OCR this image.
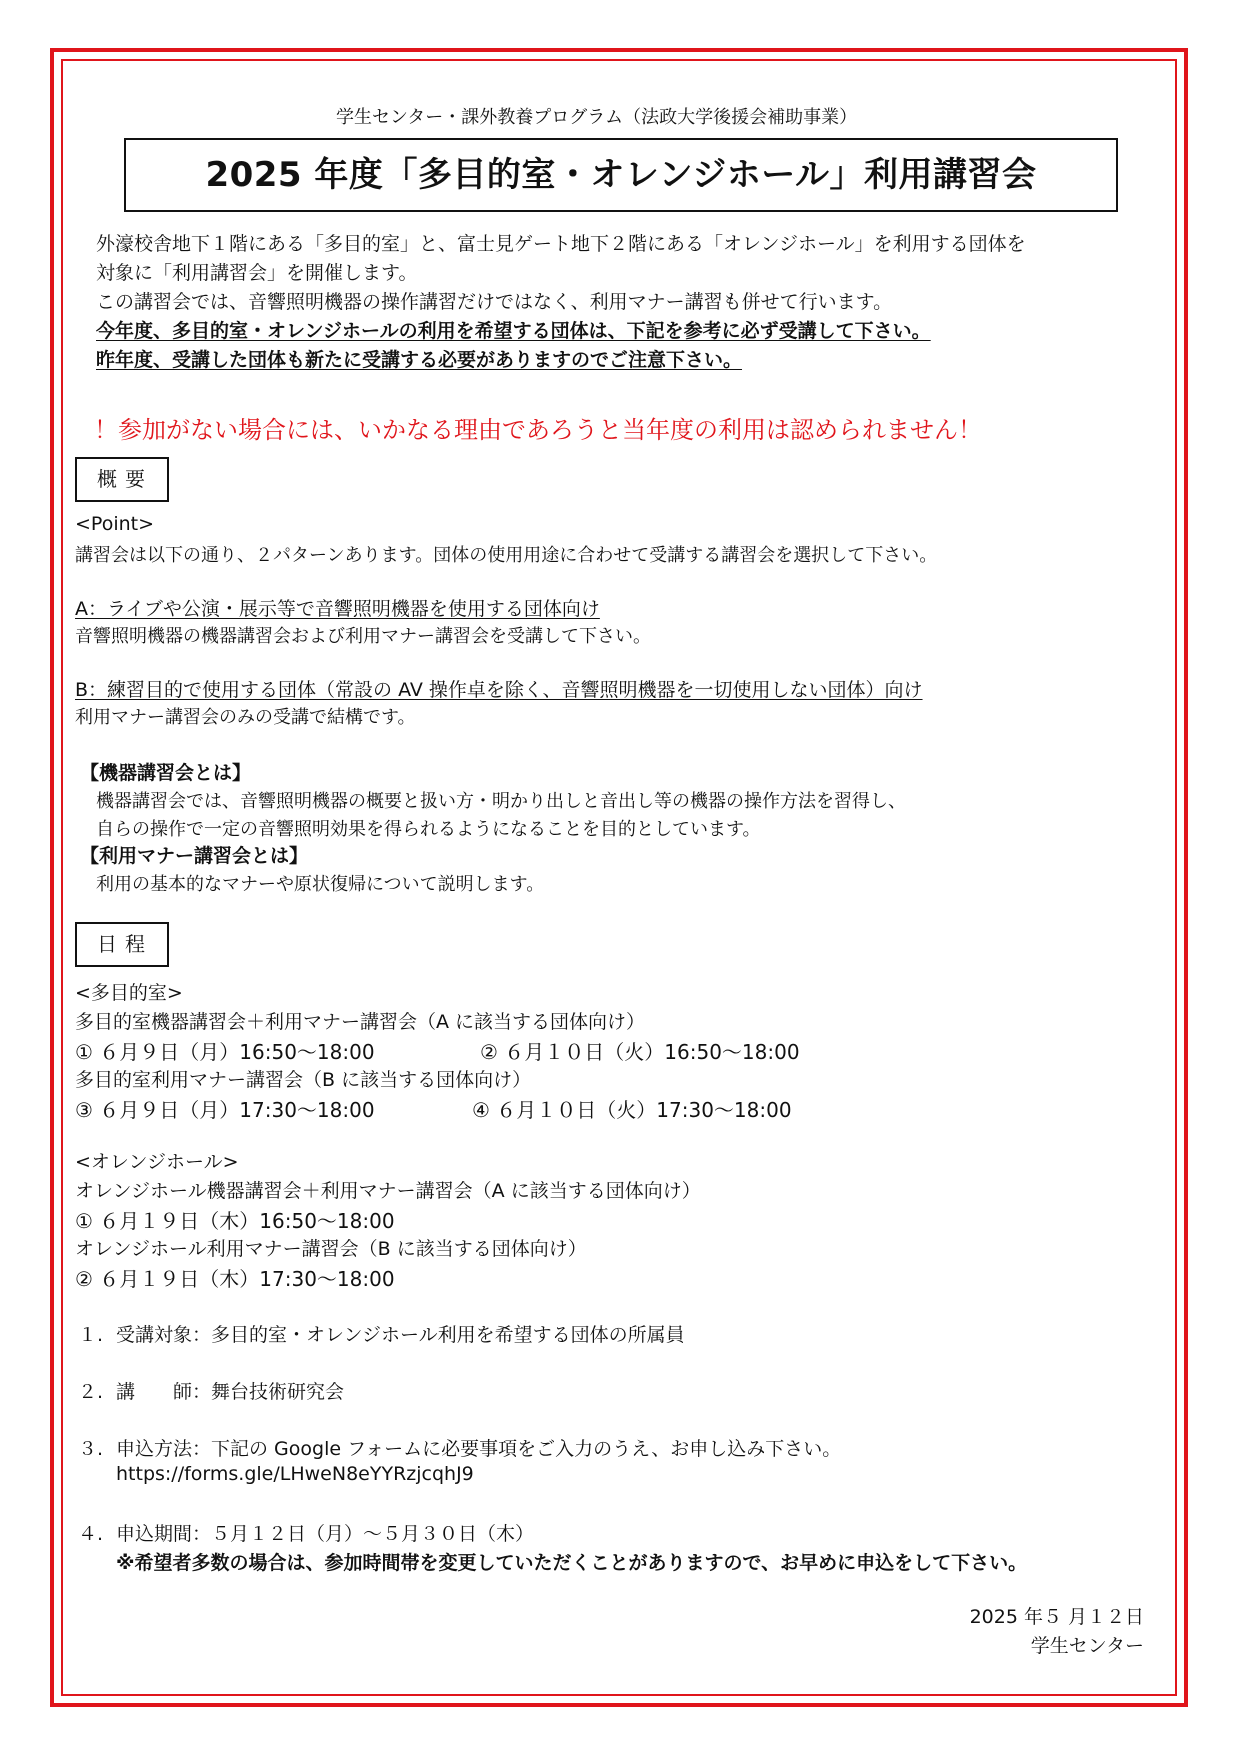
学生センター・課外教養プログラム（法政大学後援会補助事業）
2025 年度「多目的室・オレンジホール」利用講習会
外濠校舎地下１階にある「多目的室」と、富士見ゲート地下２階にある「オレンジホール」を利用する団体を
対象に「利用講習会」を開催します。
この講習会では、音響照明機器の操作講習だけではなく、利用マナー講習も併せて行います。
今年度、多目的室・オレンジホールの利用を希望する団体は、下記を参考に必ず受講して下さい。
昨年度、受講した団体も新たに受講する必要がありますのでご注意下さい。
！参加がない場合には、いかなる理由であろうと当年度の利用は認められません！
概要
<Point>
講習会は以下の通り、２パターンあります。団体の使用用途に合わせて受講する講習会を選択して下さい。
A：ライブや公演・展示等で音響照明機器を使用する団体向け
音響照明機器の機器講習会および利用マナー講習会を受講して下さい。
B：練習目的で使用する団体（常設の AV 操作卓を除く、音響照明機器を一切使用しない団体）向け
利用マナー講習会のみの受講で結構です。
【機器講習会とは】
機器講習会では、音響照明機器の概要と扱い方・明かり出しと音出し等の機器の操作方法を習得し、
自らの操作で一定の音響照明効果を得られるようになることを目的としています。
【利用マナー講習会とは】
利用の基本的なマナーや原状復帰について説明します。
日程
<多目的室>
多目的室機器講習会＋利用マナー講習会（A に該当する団体向け）
① ６月９日（月）16:50〜18:00	② ６月１０日（火）16:50〜18:00
多目的室利用マナー講習会（B に該当する団体向け）
③ ６月９日（月）17:30〜18:00	④ ６月１０日（火）17:30〜18:00
<オレンジホール>
オレンジホール機器講習会＋利用マナー講習会（A に該当する団体向け）
① ６月１９日（木）16:50〜18:00
オレンジホール利用マナー講習会（B に該当する団体向け）
② ６月１９日（木）17:30〜18:00
１. 受講対象：多目的室・オレンジホール利用を希望する団体の所属員
２. 講　　師：舞台技術研究会
３. 申込方法：下記の Google フォームに必要事項をご入力のうえ、お申し込み下さい。
https://forms.gle/LHweN8eYYRzjcqhJ9
４. 申込期間：５月１２日（月）〜５月３０日（木）
※希望者多数の場合は、参加時間帯を変更していただくことがありますので、お早めに申込をして下さい。
2025 年５ 月１２日
学生センター
